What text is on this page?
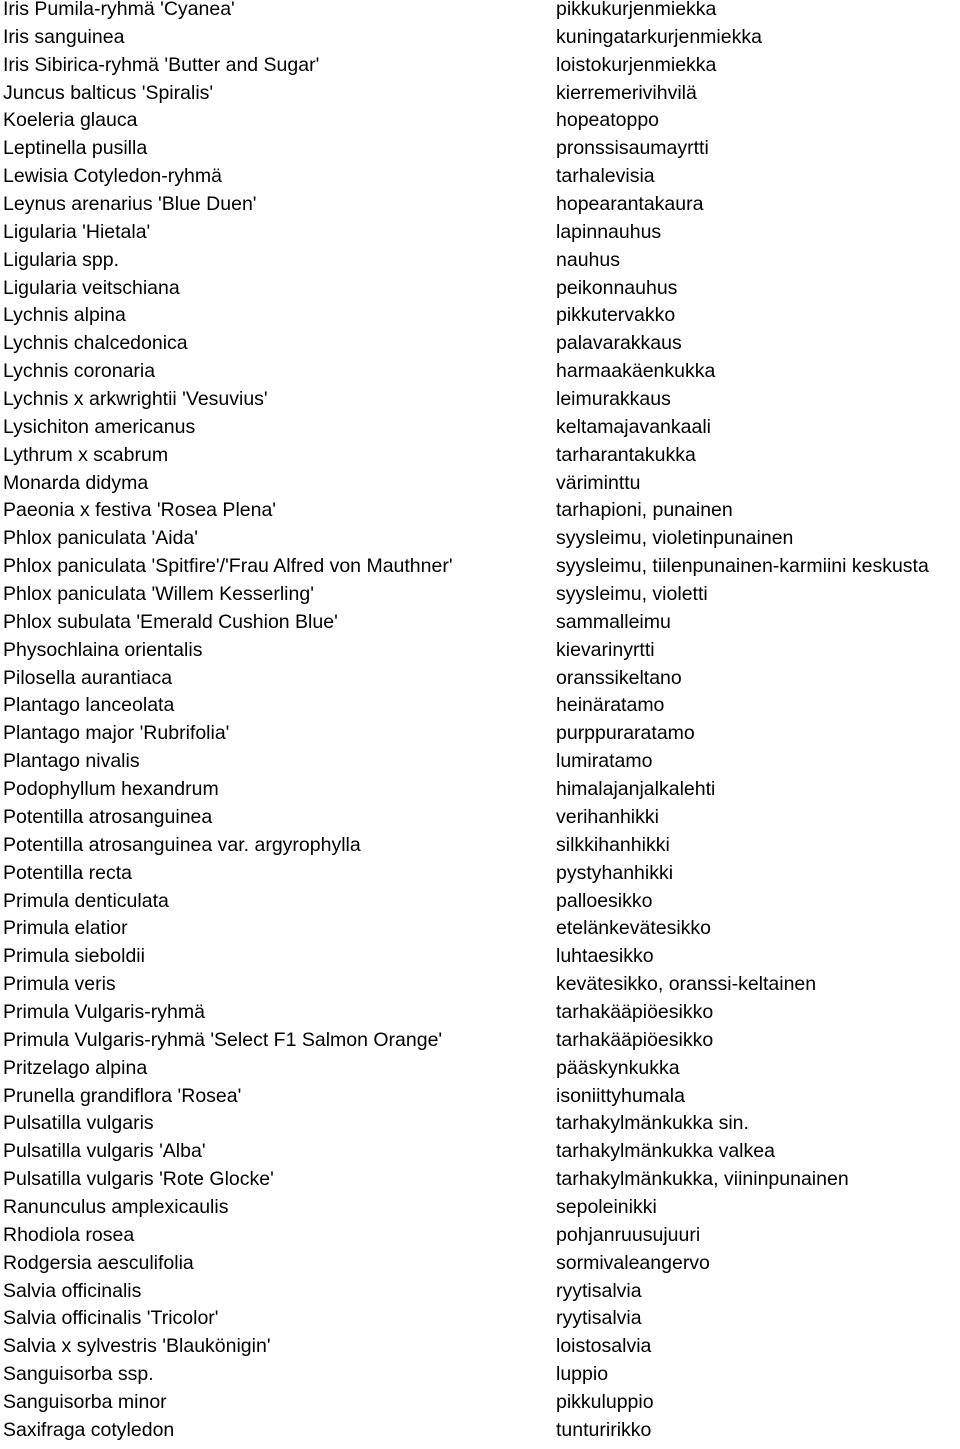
Iris Pumila-ryhmä 'Cyanea'	pikkukurjenmiekka
Iris sanguinea	kuningatarkurjenmiekka
Iris Sibirica-ryhmä 'Butter and Sugar'	loistokurjenmiekka
Juncus balticus 'Spiralis'	kierremerivihvilä
Koeleria glauca	hopeatoppo
Leptinella pusilla	pronssisaumayrtti
Lewisia Cotyledon-ryhmä	tarhalevisia
Leynus arenarius 'Blue Duen'	hopearantakaura
Ligularia 'Hietala'	lapinnauhus
Ligularia spp.	nauhus
Ligularia veitschiana	peikonnauhus
Lychnis alpina	pikkutervakko
Lychnis chalcedonica	palavarakkaus
Lychnis coronaria	harmaakäenkukka
Lychnis x arkwrightii 'Vesuvius'	leimurakkaus
Lysichiton americanus	keltamajavankaali
Lythrum x scabrum	tarharantakukka
Monarda didyma	väriminttu
Paeonia x festiva 'Rosea Plena'	tarhapioni, punainen
Phlox paniculata 'Aida'	syysleimu, violetinpunainen
Phlox paniculata 'Spitfire'/'Frau Alfred von Mauthner'	syysleimu, tiilenpunainen-karmiini keskusta
Phlox paniculata 'Willem Kesserling'	syysleimu, violetti
Phlox subulata 'Emerald Cushion Blue'	sammalleimu
Physochlaina orientalis	kievarinyrtti
Pilosella aurantiaca	oranssikeltano
Plantago lanceolata	heinäratamo
Plantago major 'Rubrifolia'	purppuraratamo
Plantago nivalis	lumiratamo
Podophyllum hexandrum	himalajanjalkalehti
Potentilla atrosanguinea	verihanhikki
Potentilla atrosanguinea var. argyrophylla	silkkihanhikki
Potentilla recta	pystyhanhikki
Primula denticulata	palloesikko
Primula elatior	etelänkevätesikko
Primula sieboldii	luhtaesikko
Primula veris	kevätesikko, oranssi-keltainen
Primula Vulgaris-ryhmä	tarhakääpiöesikko
Primula Vulgaris-ryhmä 'Select F1 Salmon Orange'	tarhakääpiöesikko
Pritzelago alpina	pääskynkukka
Prunella grandiflora 'Rosea'	isoniittyhumala
Pulsatilla vulgaris	tarhakylmänkukka sin.
Pulsatilla vulgaris 'Alba'	tarhakylmänkukka valkea
Pulsatilla vulgaris 'Rote Glocke'	tarhakylmänkukka, viininpunainen
Ranunculus amplexicaulis	sepoleinikki
Rhodiola rosea	pohjanruusujuuri
Rodgersia aesculifolia	sormivaleangervo
Salvia officinalis	ryytisalvia
Salvia officinalis 'Tricolor'	ryytisalvia
Salvia x sylvestris 'Blaukönigin'	loistosalvia
Sanguisorba ssp.	luppio
Sanguisorba minor	pikkuluppio
Saxifraga cotyledon	tunturirikko
